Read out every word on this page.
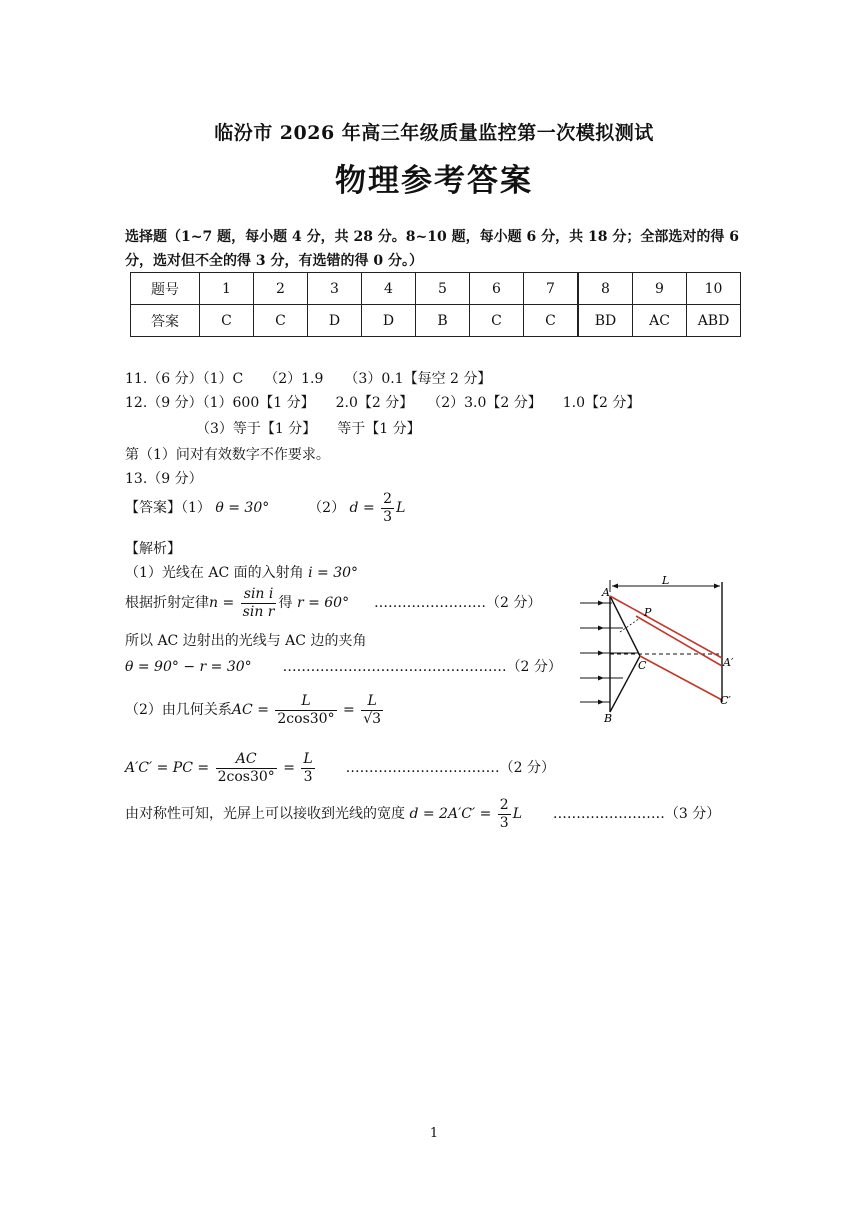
临汾市 2026 年高三年级质量监控第一次模拟测试
物理参考答案
选择题（1~7 题，每小题 4 分，共 28 分。8~10 题，每小题 6 分，共 18 分；全部选对的得 6
分，选对但不全的得 3 分，有选错的得 0 分。）
题号	1	2	3	4	5	6	7	8	9	10
答案	C	C	D	D	B	C	C	BD	AC	ABD
11.（6 分）（1）C　　（2）1.9　　（3）0.1【每空 2 分】
12.（9 分）（1）600【1 分】　　2.0【2 分】　　（2）3.0【2 分】　　1.0【2 分】
（3）等于【1 分】　　等于【1 分】
第（1）问对有效数字不作要求。
13.（9 分）
【答案】（1） θ = 30°	（2） $d = \frac{2}{3}$ L
【解析】
（1）光线在 AC 面的入射角 i = 30°
根据折射定律$n = \frac{\text{sin i}}{\text{sin r}}$ 得 r = 60° ……………………（2 分）
所以 AC 边射出的光线与 AC 边的夹角
θ = 90° − r = 30° …………………………………………（2 分）
（2）由几何关系AC = $\frac{L}{2\cos 30^\circ} = \frac{L}{√3}$
A′C′ = PC = $\frac{AC}{2\cos 30^\circ} = \frac{L}{3}$ ……………………………（2 分）
由对称性可知，光屏上可以接收到光线的宽度 $d = 2A'C' = \frac{2}{3}$ L ……………………（3 分）
A
L
P
C	A′
C′
B
1
